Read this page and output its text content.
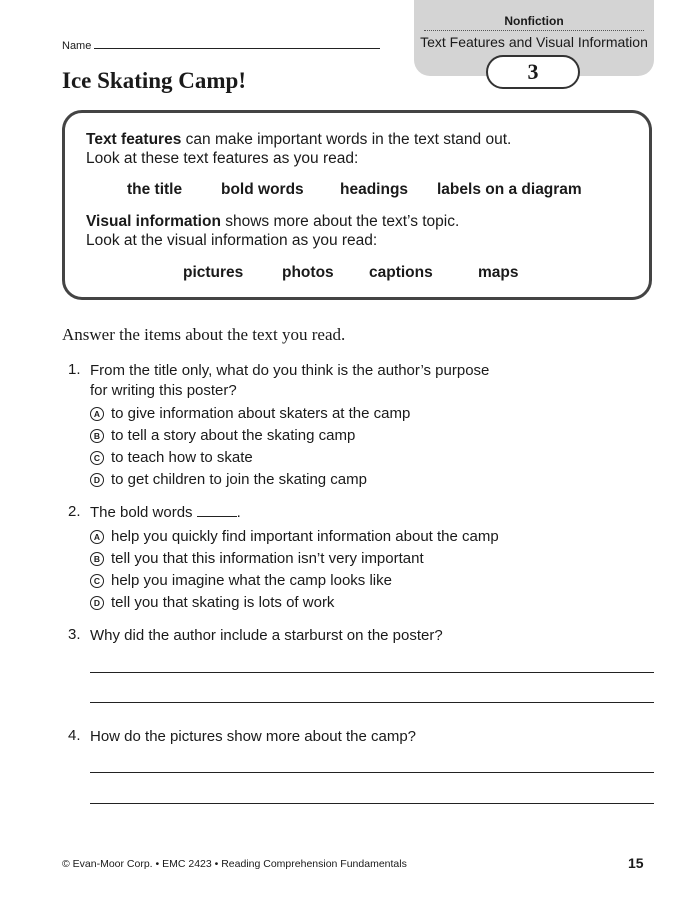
Nonfiction
Text Features and Visual Information
3
Name
Ice Skating Camp!
Text features can make important words in the text stand out.
Look at these text features as you read:
the title	bold words headings labels on a diagram
Visual information shows more about the text’s topic.
Look at the visual information as you read:
pictures photos captions	maps
Answer the items about the text you read.
1. From the title only, what do you think is the author’s purpose
for writing this poster?
A to give information about skaters at the camp
B to tell a story about the skating camp
C to teach how to skate
D to get children to join the skating camp
2. The bold words	.
A help you quickly find important information about the camp
B tell you that this information isn’t very important
C help you imagine what the camp looks like
D tell you that skating is lots of work
3. Why did the author include a starburst on the poster?
4. How do the pictures show more about the camp?
© Evan-Moor Corp. • EMC 2423 • Reading Comprehension Fundamentals	15
